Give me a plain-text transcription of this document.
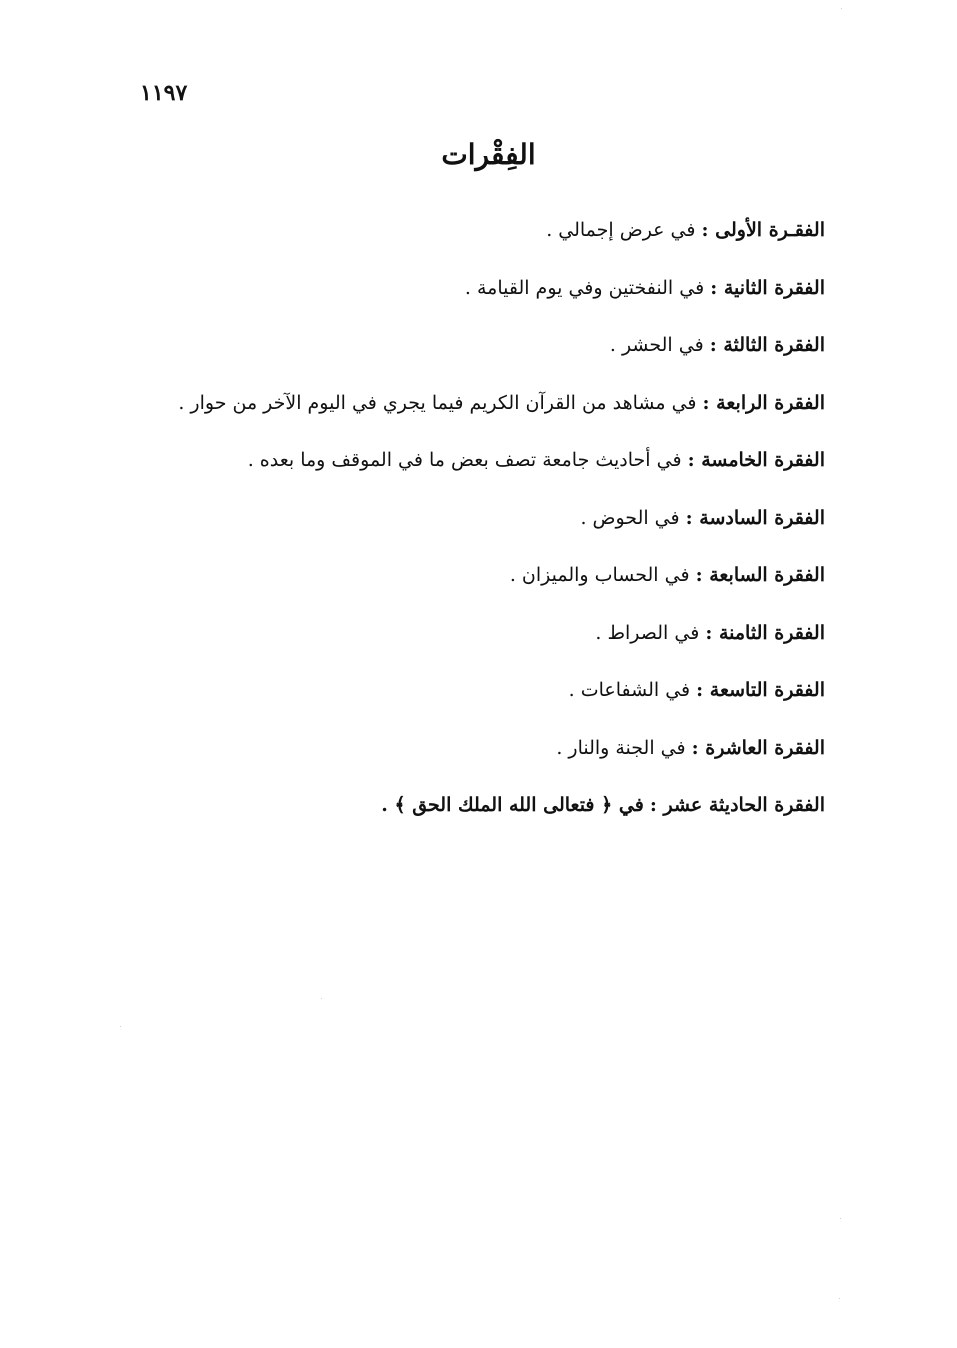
١١٩٧
الفِقْرات
الفقـرة الأولى : في عرض إجمالي .
الفقرة الثانية : في النفختين وفي يوم القيامة .
الفقرة الثالثة : في الحشر .
الفقرة الرابعة : في مشاهد من القرآن الكريم فيما يجري في اليوم الآخر من حوار .
الفقرة الخامسة : في أحاديث جامعة تصف بعض ما في الموقف وما بعده .
الفقرة السادسة : في الحوض .
الفقرة السابعة : في الحساب والميزان .
الفقرة الثامنة : في الصراط .
الفقرة التاسعة : في الشفاعات .
الفقرة العاشرة : في الجنة والنار .
الفقرة الحاديثة عشر : في ﴿ فتعالى الله الملك الحق ﴾ .
